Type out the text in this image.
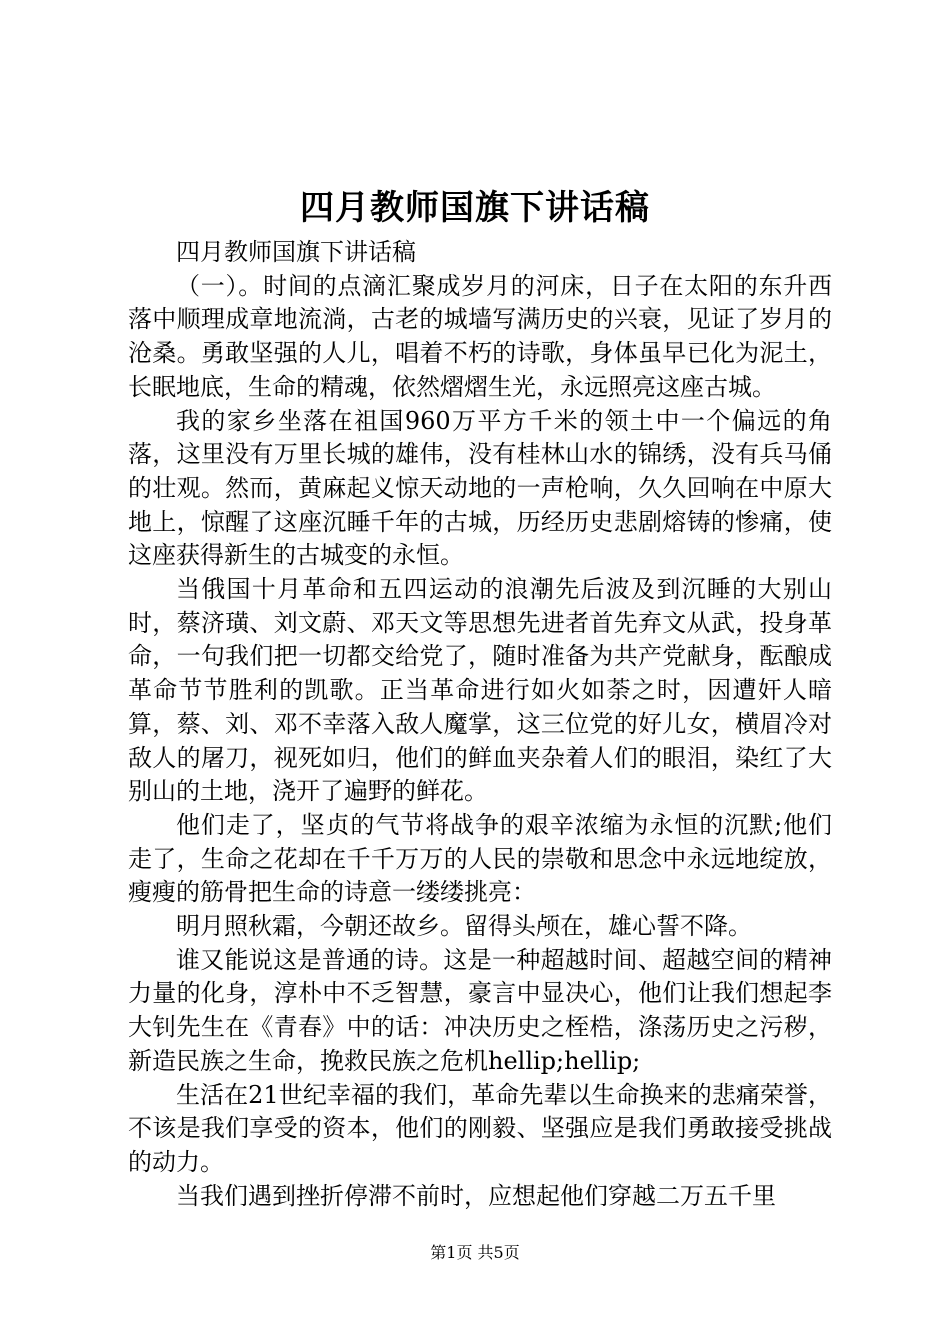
四月教师国旗下讲话稿

四月教师国旗下讲话稿

（一）。时间的点滴汇聚成岁月的河床，日子在太阳的东升西落中顺理成章地流淌，古老的城墙写满历史的兴衰，见证了岁月的沧桑。勇敢坚强的人儿，唱着不朽的诗歌，身体虽早已化为泥土，长眠地底，生命的精魂，依然熠熠生光，永远照亮这座古城。

我的家乡坐落在祖国960万平方千米的领土中一个偏远的角落，这里没有万里长城的雄伟，没有桂林山水的锦绣，没有兵马俑的壮观。然而，黄麻起义惊天动地的一声枪响，久久回响在中原大地上，惊醒了这座沉睡千年的古城，历经历史悲剧熔铸的惨痛，使这座获得新生的古城变的永恒。

当俄国十月革命和五四运动的浪潮先后波及到沉睡的大别山时，蔡济璜、刘文蔚、邓天文等思想先进者首先弃文从武，投身革命，一句我们把一切都交给党了，随时准备为共产党献身，酝酿成革命节节胜利的凯歌。正当革命进行如火如荼之时，因遭奸人暗算，蔡、刘、邓不幸落入敌人魔掌，这三位党的好儿女，横眉冷对敌人的屠刀，视死如归，他们的鲜血夹杂着人们的眼泪，染红了大别山的土地，浇开了遍野的鲜花。

他们走了，坚贞的气节将战争的艰辛浓缩为永恒的沉默;他们走了，生命之花却在千千万万的人民的崇敬和思念中永远地绽放，瘦瘦的筋骨把生命的诗意一缕缕挑亮：

明月照秋霜，今朝还故乡。留得头颅在，雄心誓不降。

谁又能说这是普通的诗。这是一种超越时间、超越空间的精神力量的化身，淳朴中不乏智慧，豪言中显决心，他们让我们想起李大钊先生在《青春》中的话：冲决历史之桎梏，涤荡历史之污秽，新造民族之生命，挽救民族之危机hellip;hellip;

生活在21世纪幸福的我们，革命先辈以生命换来的悲痛荣誉，不该是我们享受的资本，他们的刚毅、坚强应是我们勇敢接受挑战的动力。

当我们遇到挫折停滞不前时，应想起他们穿越二万五千里

第1页 共5页
